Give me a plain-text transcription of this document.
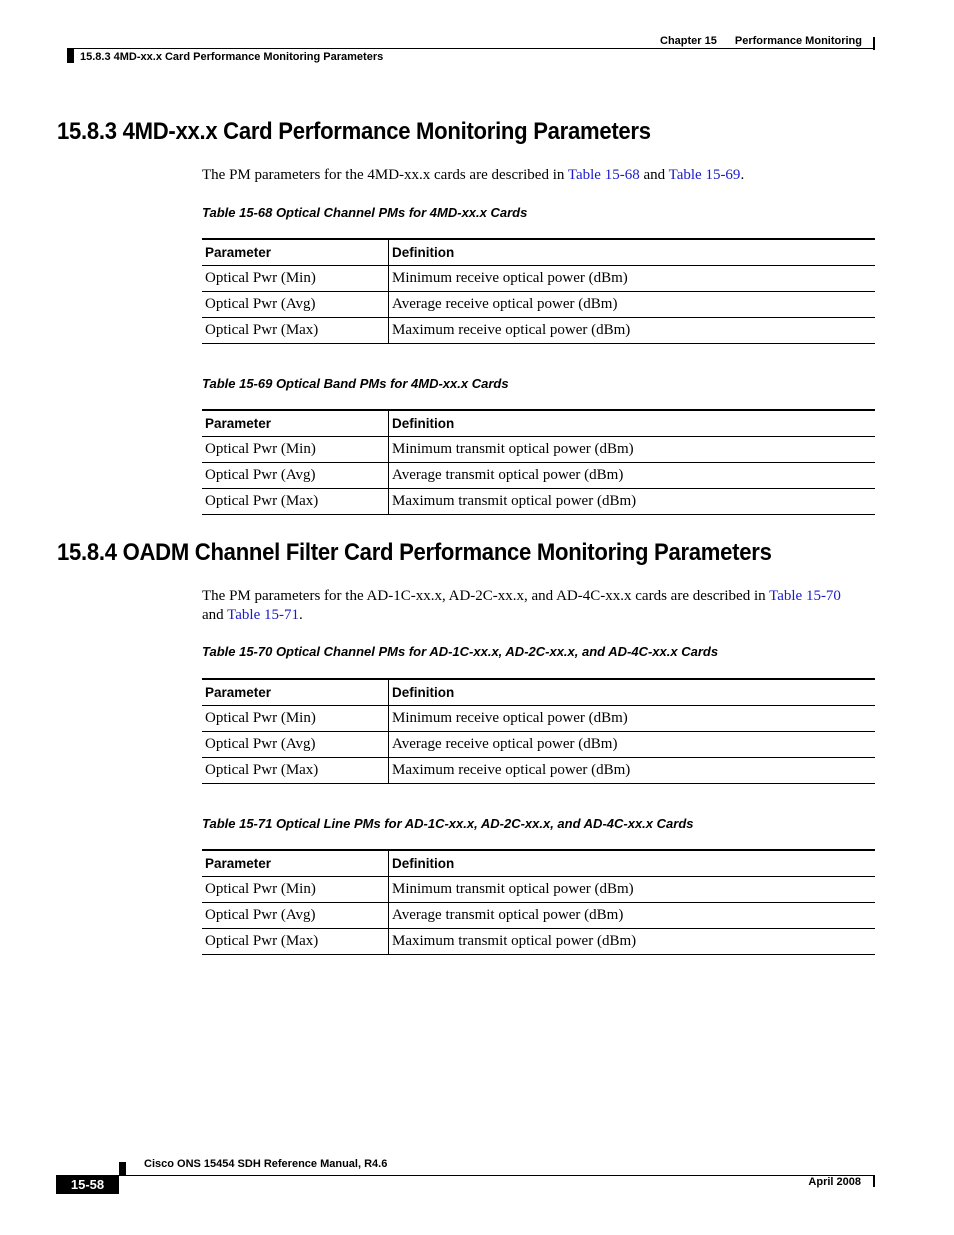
Chapter 15 Performance Monitoring
15.8.3 4MD-xx.x Card Performance Monitoring Parameters
15.8.3 4MD-xx.x Card Performance Monitoring Parameters

The PM parameters for the 4MD-xx.x cards are described in Table 15-68 and Table 15-69.

Table 15-68 Optical Channel PMs for 4MD-xx.x Cards
Parameter	Definition
Optical Pwr (Min)	Minimum receive optical power (dBm)
Optical Pwr (Avg)	Average receive optical power (dBm)
Optical Pwr (Max)	Maximum receive optical power (dBm)
Table 15-69 Optical Band PMs for 4MD-xx.x Cards
Parameter	Definition
Optical Pwr (Min)	Minimum transmit optical power (dBm)
Optical Pwr (Avg)	Average transmit optical power (dBm)
Optical Pwr (Max)	Maximum transmit optical power (dBm)
15.8.4 OADM Channel Filter Card Performance Monitoring Parameters

The PM parameters for the AD-1C-xx.x, AD-2C-xx.x, and AD-4C-xx.x cards are described in Table 15-70 and Table 15-71.

Table 15-70 Optical Channel PMs for AD-1C-xx.x, AD-2C-xx.x, and AD-4C-xx.x Cards
Parameter	Definition
Optical Pwr (Min)	Minimum receive optical power (dBm)
Optical Pwr (Avg)	Average receive optical power (dBm)
Optical Pwr (Max)	Maximum receive optical power (dBm)
Table 15-71 Optical Line PMs for AD-1C-xx.x, AD-2C-xx.x, and AD-4C-xx.x Cards
Parameter	Definition
Optical Pwr (Min)	Minimum transmit optical power (dBm)
Optical Pwr (Avg)	Average transmit optical power (dBm)
Optical Pwr (Max)	Maximum transmit optical power (dBm)
Cisco ONS 15454 SDH Reference Manual, R4.6
15-58	April 2008
